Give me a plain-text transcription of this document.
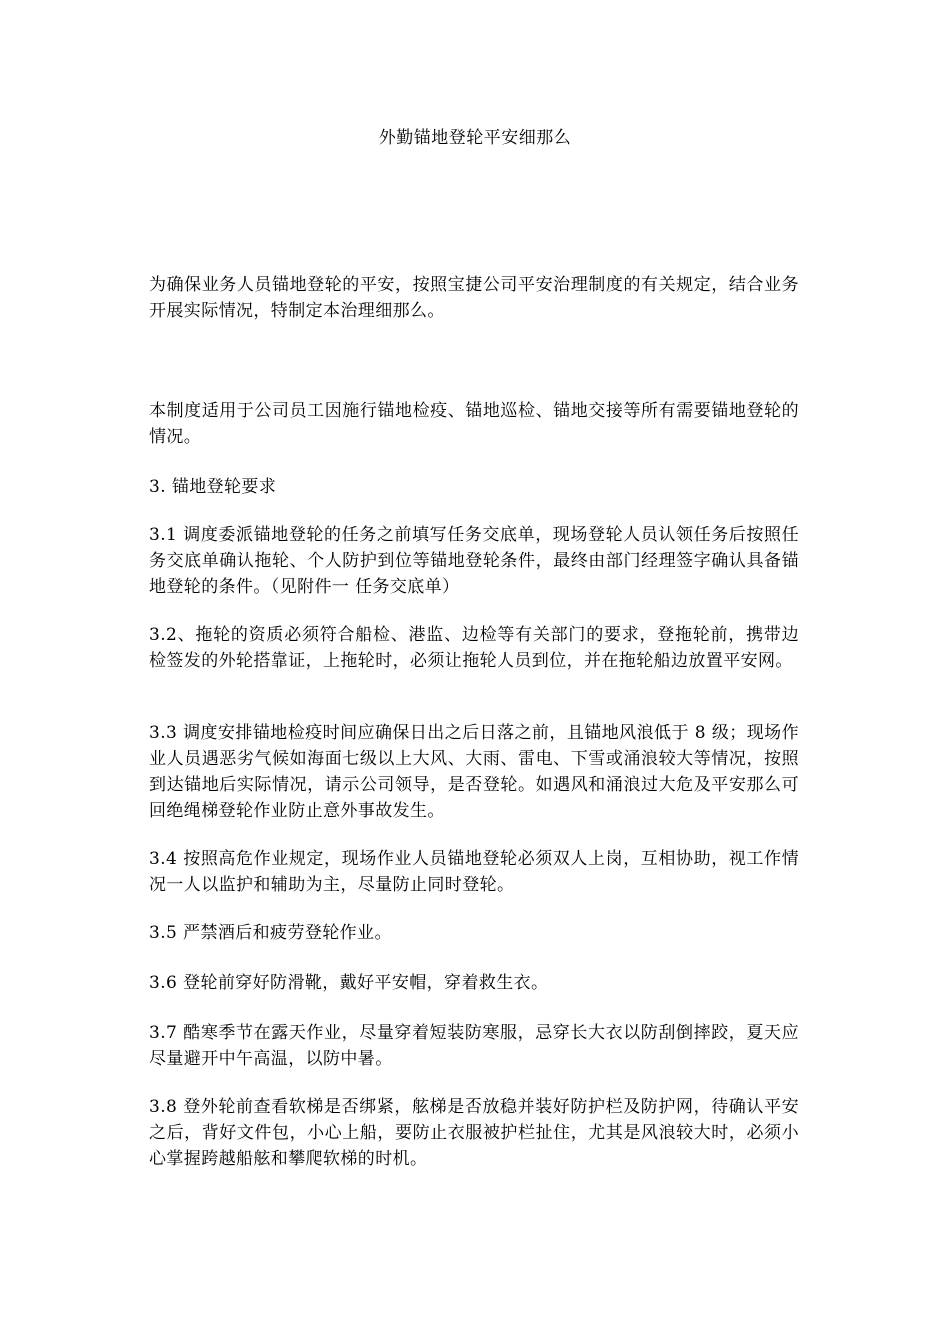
外勤锚地登轮平安细那么
为确保业务人员锚地登轮的平安，按照宝捷公司平安治理制度的有关规定，结合业务开展实际情况，特制定本治理细那么。
本制度适用于公司员工因施行锚地检疫、锚地巡检、锚地交接等所有需要锚地登轮的情况。
3. 锚地登轮要求
3.1 调度委派锚地登轮的任务之前填写任务交底单，现场登轮人员认领任务后按照任务交底单确认拖轮、个人防护到位等锚地登轮条件，最终由部门经理签字确认具备锚地登轮的条件。（见附件一 任务交底单）
3.2、拖轮的资质必须符合船检、港监、边检等有关部门的要求，登拖轮前，携带边检签发的外轮搭靠证，上拖轮时，必须让拖轮人员到位，并在拖轮船边放置平安网。
3.3 调度安排锚地检疫时间应确保日出之后日落之前，且锚地风浪低于 8 级；现场作业人员遇恶劣气候如海面七级以上大风、大雨、雷电、下雪或涌浪较大等情况，按照到达锚地后实际情况，请示公司领导，是否登轮。如遇风和涌浪过大危及平安那么可回绝绳梯登轮作业防止意外事故发生。
3.4 按照高危作业规定，现场作业人员锚地登轮必须双人上岗，互相协助，视工作情况一人以监护和辅助为主，尽量防止同时登轮。
3.5 严禁酒后和疲劳登轮作业。
3.6 登轮前穿好防滑靴，戴好平安帽，穿着救生衣。
3.7 酷寒季节在露天作业，尽量穿着短装防寒服，忌穿长大衣以防刮倒摔跤，夏天应尽量避开中午高温，以防中暑。
3.8 登外轮前查看软梯是否绑紧，舷梯是否放稳并装好防护栏及防护网，待确认平安之后，背好文件包，小心上船，要防止衣服被护栏扯住，尤其是风浪较大时，必须小心掌握跨越船舷和攀爬软梯的时机。
